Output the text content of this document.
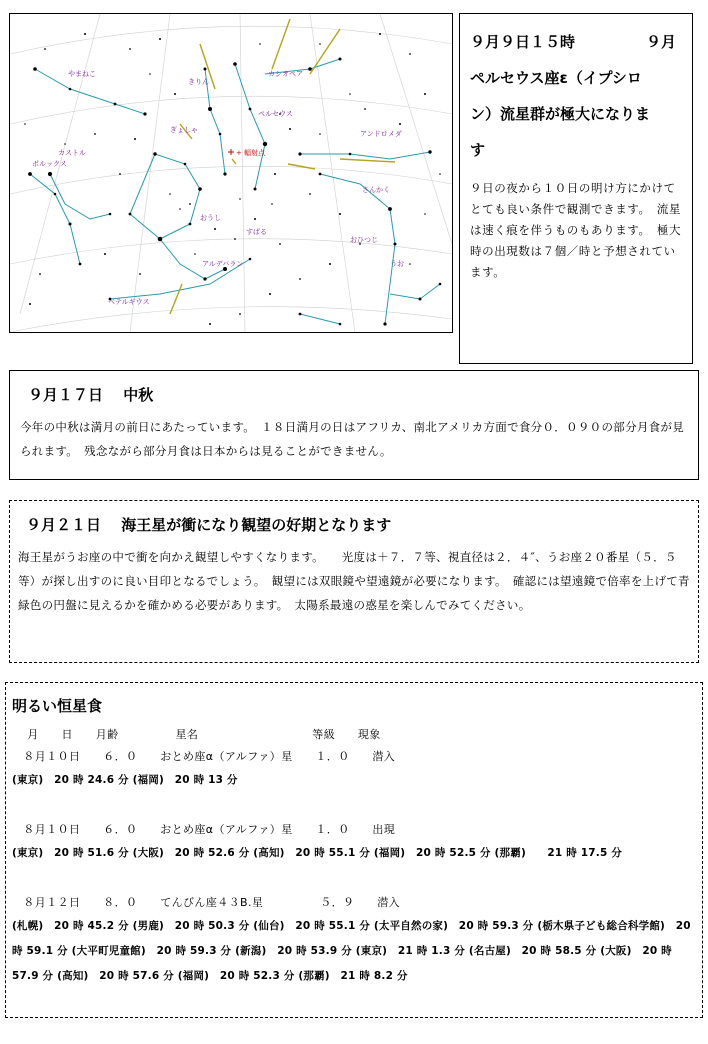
やまねこ
きりん
カシオペア
ペルセウス
アンドロメダ
ぎょしゃ
カストル
ポルックス
さんかく
+ 輻射点
おひつじ
おうし
すばる
アルデバラン	うお
ベテルギウス

９月９日１５時	９月

ペルセウス座ε（イプシロ

ン）流星群が極大になりま

す

９日の夜から１０日の明け方にかけてとても良い条件で観測できます。　流星は速く痕を伴うものもあります。　極大時の出現数は７個／時と予想されています。

９月１７日　 中秋

今年の中秋は満月の前日にあたっています。　１８日満月の日はアフリカ、南北アメリカ方面で食分０．０９０の部分月食が見られます。　残念ながら部分月食は日本からは見ることができません。

９月２１日　 海王星が衝になり観望の好期となります

海王星がうお座の中で衝を向かえ観望しやすくなります。　　光度は＋７．７等、視直径は２．４″、うお座２０番星（５．５等）が探し出すのに良い目印となるでしょう。　観望には双眼鏡や望遠鏡が必要になります。　確認には望遠鏡で倍率を上げて青緑色の円盤に見えるかを確かめる必要があります。　太陽系最遠の惑星を楽しんでみてください。

明るい恒星食
　 月　　日　　月齢　　　　　星名　　　　　　　　　　等級　　現象
　８月１０日　　６．０　　おとめ座α（アルファ）星　　１．０　　潜入
(東京)　20 時 24.6 分 (福岡)　20 時 13 分
　８月１０日　　６．０　　おとめ座α（アルファ）星　　１．０　　出現
(東京)　20 時 51.6 分 (大阪)　20 時 52.6 分 (高知)　20 時 55.1 分 (福岡)　20 時 52.5 分 (那覇)　　21 時 17.5 分
　８月１２日　　８．０　　てんびん座４３B.星　　　　　５．９　　潜入
(札幌)　20 時 45.2 分 (男鹿)　20 時 50.3 分 (仙台)　20 時 55.1 分 (太平自然の家)　20 時 59.3 分 (栃木県子ども総合科学館)　20 時 59.1 分 (大平町児童館)　20 時 59.3 分 (新潟)　20 時 53.9 分 (東京)　21 時 1.3 分 (名古屋)　20 時 58.5 分 (大阪)　20 時 57.9 分 (高知)　20 時 57.6 分 (福岡)　20 時 52.3 分 (那覇)　21 時 8.2 分
